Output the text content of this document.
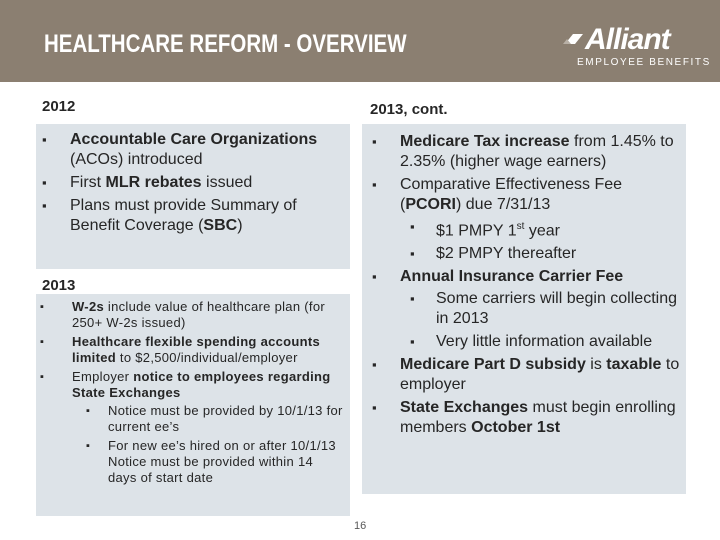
HEALTHCARE REFORM - OVERVIEW	Alliant
EMPLOYEE BENEFITS
2012
▪ Accountable Care Organizations (ACOs) introduced
▪ First MLR rebates issued
▪ Plans must provide Summary of Benefit Coverage (SBC)
2013
▪ W-2s include value of healthcare plan (for 250+ W-2s issued)
▪ Healthcare flexible spending accounts limited to $2,500/individual/employer
▪ Employer notice to employees regarding State Exchanges
▪ Notice must be provided by 10/1/13 for current ee’s
▪ For new ee’s hired on or after 10/1/13 Notice must be provided within 14 days of start date
2013, cont.
▪ Medicare Tax increase from 1.45% to 2.35% (higher wage earners)
▪ Comparative Effectiveness Fee (PCORI) due 7/31/13
▪ $1 PMPY 1st year
▪ $2 PMPY thereafter
▪ Annual Insurance Carrier Fee
▪ Some carriers will begin collecting in 2013
▪ Very little information available
▪ Medicare Part D subsidy is taxable to employer
▪ State Exchanges must begin enrolling members October 1st
16
